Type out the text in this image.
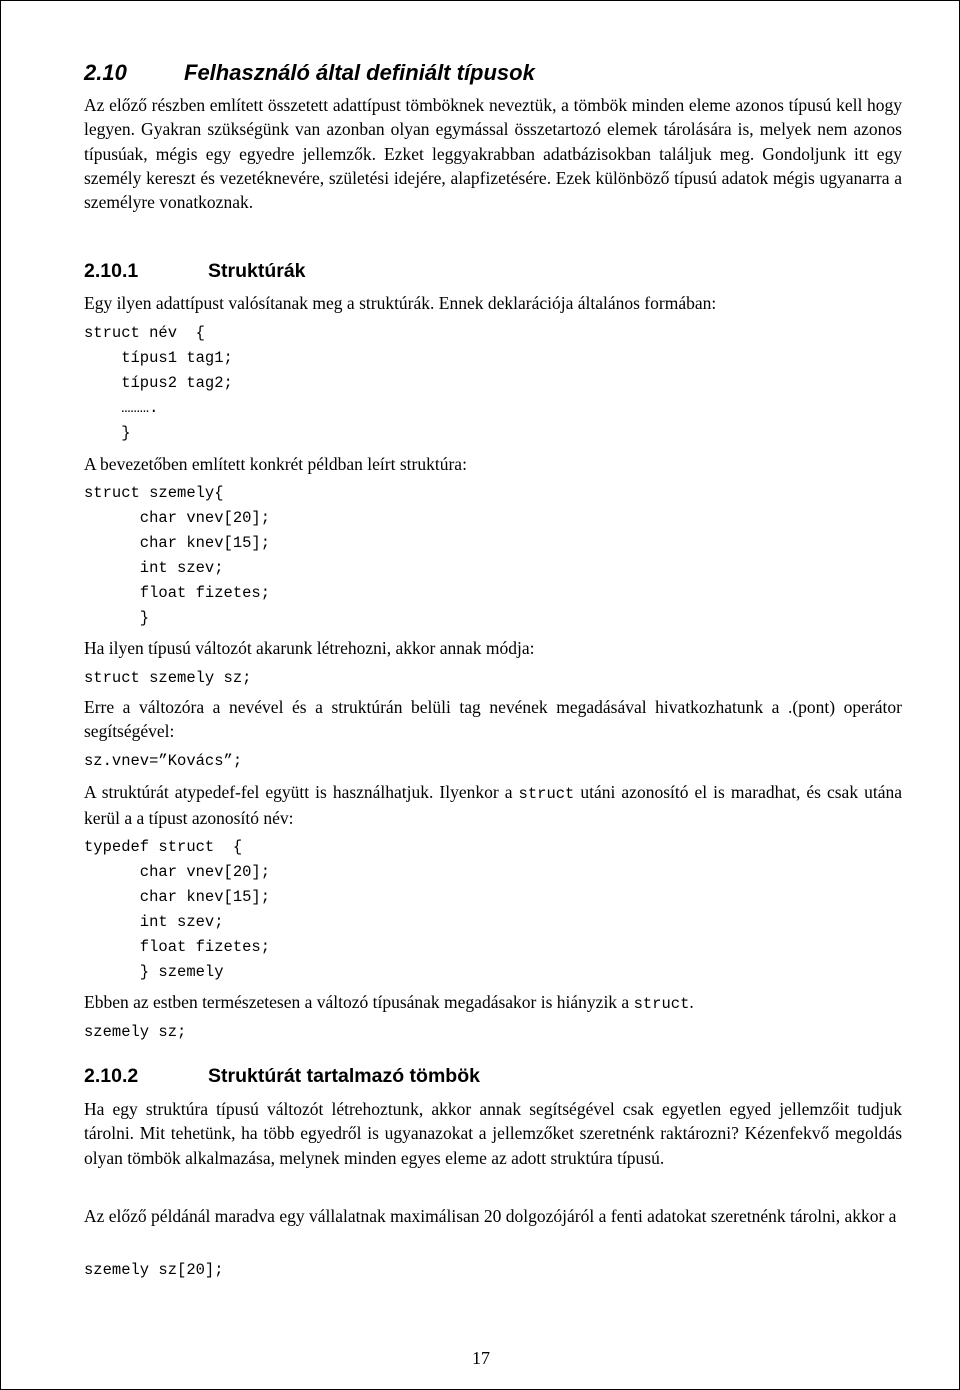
2.10	Felhasználó által definiált típusok
Az előző részben említett összetett adattípust tömböknek neveztük, a tömbök minden eleme azonos típusú kell hogy legyen. Gyakran szükségünk van azonban olyan egymással összetartozó elemek tárolására is, melyek nem azonos típusúak, mégis egy egyedre jellemzők. Ezket leggyakrabban adatbázisokban találjuk meg. Gondoljunk itt egy személy kereszt és vezetéknevére, születési idejére, alapfizetésére. Ezek különböző típusú adatok mégis ugyanarra a személyre vonatkoznak.
2.10.1	Struktúrák
Egy ilyen adattípust valósítanak meg a struktúrák. Ennek deklarációja általános formában:
struct név  {
típus1 tag1;
típus2 tag2;
……….
}
A bevezetőben említett konkrét példban leírt struktúra:
struct szemely{
char vnev[20];
char knev[15];
int szev;
float fizetes;
}
Ha ilyen típusú változót akarunk létrehozni, akkor annak módja:
struct szemely sz;
Erre a változóra a nevével és a struktúrán belüli tag nevének megadásával hivatkozhatunk a .(pont) operátor segítségével:
sz.vnev=”Kovács”;
A struktúrát atypedef-fel együtt is használhatjuk. Ilyenkor a struct utáni azonosító el is maradhat, és csak utána kerül a a típust azonosító név:
typedef struct  {
char vnev[20];
char knev[15];
int szev;
float fizetes;
} szemely
Ebben az estben természetesen a változó típusának megadásakor is hiányzik a struct.
szemely sz;
2.10.2	Struktúrát tartalmazó tömbök
Ha egy struktúra típusú változót létrehoztunk, akkor annak segítségével csak egyetlen egyed jellemzőit tudjuk tárolni. Mit tehetünk, ha több egyedről is ugyanazokat a jellemzőket szeretnénk raktározni? Kézenfekvő megoldás olyan tömbök alkalmazása, melynek minden egyes eleme az adott struktúra típusú.
Az előző példánál maradva egy vállalatnak maximálisan 20 dolgozójáról a fenti adatokat szeretnénk tárolni, akkor a
szemely sz[20];
17
